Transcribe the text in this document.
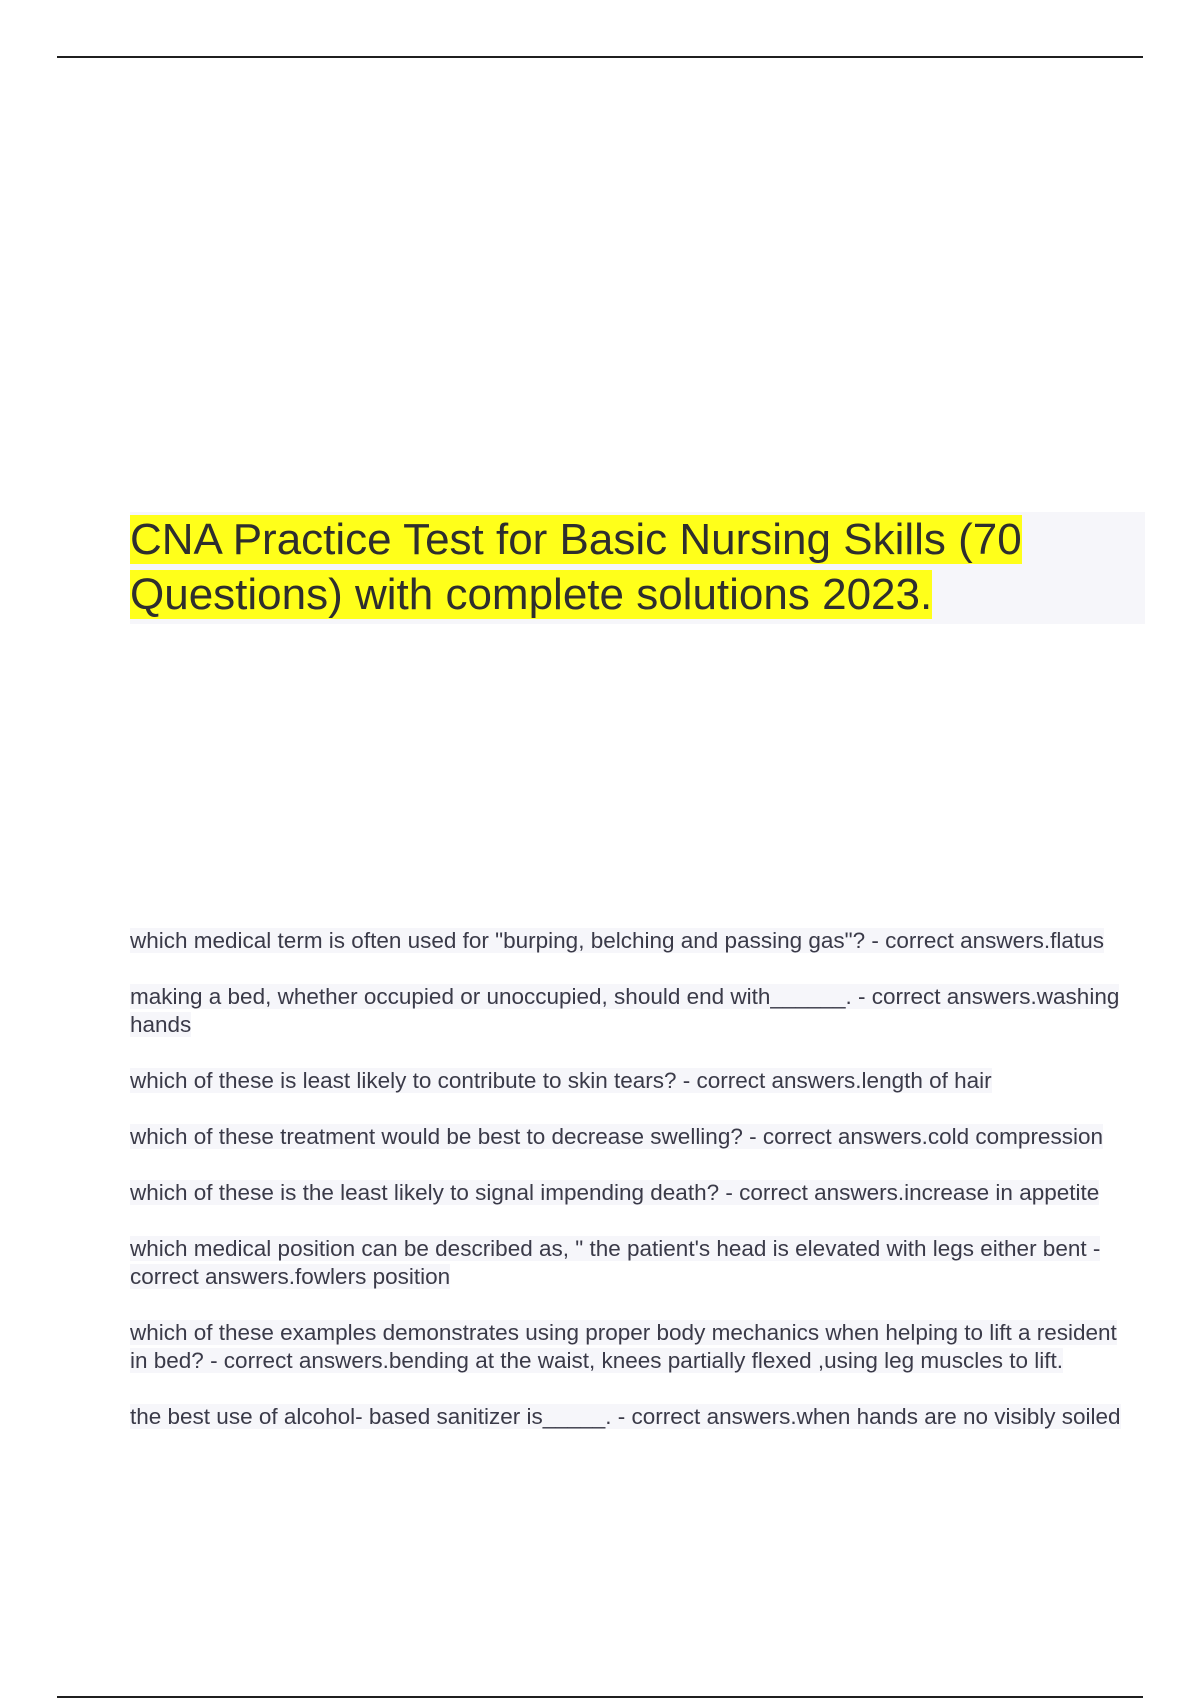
CNA Practice Test for Basic Nursing Skills (70 Questions) with complete solutions 2023.
which medical term is often used for "burping, belching and passing gas"? - correct answers.flatus
making a bed, whether occupied or unoccupied, should end with______. - correct answers.washing hands
which of these is least likely to contribute to skin tears? - correct answers.length of hair
which of these treatment would be best to decrease swelling? - correct answers.cold compression
which of these is the least likely to signal impending death? - correct answers.increase in appetite
which medical position can be described as, " the patient's head is elevated with legs either bent - correct answers.fowlers position
which of these examples demonstrates using proper body mechanics when helping to lift a resident in bed? - correct answers.bending at the waist, knees partially flexed ,using leg muscles to lift.
the best use of alcohol- based sanitizer is_____. - correct answers.when hands are no visibly soiled
